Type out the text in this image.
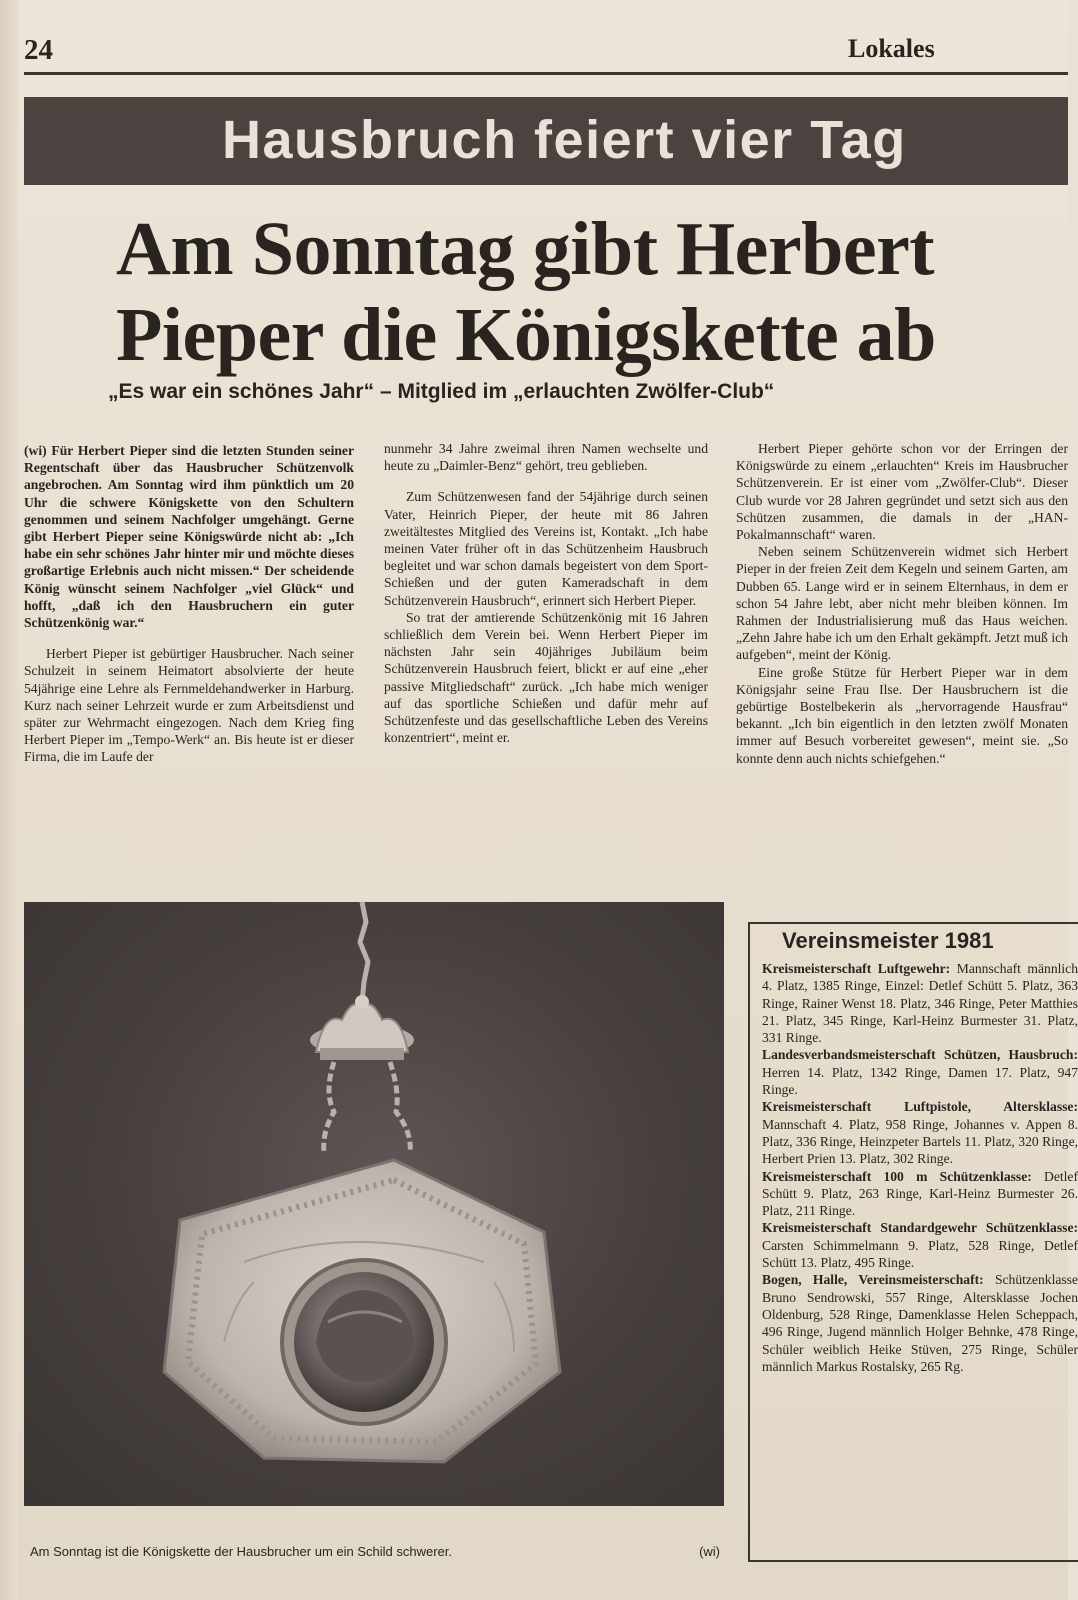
24	Lokales
Hausbruch feiert vier Tag
Am Sonntag gibt Herbert
Pieper die Königskette ab
„Es war ein schönes Jahr“ – Mitglied im „erlauchten Zwölfer-Club“

(wi) Für Herbert Pieper sind die letzten Stunden seiner Regentschaft über das Hausbrucher Schützenvolk angebrochen. Am Sonntag wird ihm pünktlich um 20 Uhr die schwere Königskette von den Schultern genommen und seinem Nachfolger umgehängt. Gerne gibt Herbert Pieper seine Königswürde nicht ab: „Ich habe ein sehr schönes Jahr hinter mir und möchte dieses großartige Erlebnis auch nicht missen.“ Der scheidende König wünscht seinem Nachfolger „viel Glück“ und hofft, „daß ich den Hausbruchern ein guter Schützenkönig war.“

Herbert Pieper ist gebürtiger Hausbrucher. Nach seiner Schulzeit in seinem Heimatort absolvierte der heute 54jährige eine Lehre als Fernmeldehandwerker in Harburg. Kurz nach seiner Lehrzeit wurde er zum Arbeitsdienst und später zur Wehrmacht eingezogen. Nach dem Krieg fing Herbert Pieper im „Tempo-Werk“ an. Bis heute ist er dieser Firma, die im Laufe der

nunmehr 34 Jahre zweimal ihren Namen wechselte und heute zu „Daimler-Benz“ gehört, treu geblieben.

Zum Schützenwesen fand der 54jährige durch seinen Vater, Heinrich Pieper, der heute mit 86 Jahren zweitältestes Mitglied des Vereins ist, Kontakt. „Ich habe meinen Vater früher oft in das Schützenheim Hausbruch begleitet und war schon damals begeistert von dem Sport-Schießen und der guten Kameradschaft in dem Schützenverein Hausbruch“, erinnert sich Herbert Pieper.

So trat der amtierende Schützenkönig mit 16 Jahren schließlich dem Verein bei. Wenn Herbert Pieper im nächsten Jahr sein 40jähriges Jubiläum beim Schützenverein Hausbruch feiert, blickt er auf eine „eher passive Mitgliedschaft“ zurück. „Ich habe mich weniger auf das sportliche Schießen und dafür mehr auf Schützenfeste und das gesellschaftliche Leben des Vereins konzentriert“, meint er.

Herbert Pieper gehörte schon vor der Erringen der Königswürde zu einem „erlauchten“ Kreis im Hausbrucher Schützenverein. Er ist einer vom „Zwölfer-Club“. Dieser Club wurde vor 28 Jahren gegründet und setzt sich aus den Schützen zusammen, die damals in der „HAN-Pokalmannschaft“ waren.

Neben seinem Schützenverein widmet sich Herbert Pieper in der freien Zeit dem Kegeln und seinem Garten, am Dubben 65. Lange wird er in seinem Elternhaus, in dem er schon 54 Jahre lebt, aber nicht mehr bleiben können. Im Rahmen der Industrialisierung muß das Haus weichen. „Zehn Jahre habe ich um den Erhalt gekämpft. Jetzt muß ich aufgeben“, meint der König.

Eine große Stütze für Herbert Pieper war in dem Königsjahr seine Frau Ilse. Der Hausbruchern ist die gebürtige Bostelbekerin als „hervorragende Hausfrau“ bekannt. „Ich bin eigentlich in den letzten zwölf Monaten immer auf Besuch vorbereitet gewesen“, meint sie. „So konnte denn auch nichts schiefgehen.“

Am Sonntag ist die Königskette der Hausbrucher um ein Schild schwerer.	(wi)
Vereinsmeister 1981

Kreismeisterschaft Luftgewehr: Mannschaft männlich 4. Platz, 1385 Ringe, Einzel: Detlef Schütt 5. Platz, 363 Ringe, Rainer Wenst 18. Platz, 346 Ringe, Peter Matthies 21. Platz, 345 Ringe, Karl-Heinz Burmester 31. Platz, 331 Ringe.

Landesverbandsmeisterschaft Schützen, Hausbruch: Herren 14. Platz, 1342 Ringe, Damen 17. Platz, 947 Ringe.

Kreismeisterschaft Luftpistole, Altersklasse: Mannschaft 4. Platz, 958 Ringe, Johannes v. Appen 8. Platz, 336 Ringe, Heinzpeter Bartels 11. Platz, 320 Ringe, Herbert Prien 13. Platz, 302 Ringe.

Kreismeisterschaft 100 m Schützenklasse: Detlef Schütt 9. Platz, 263 Ringe, Karl-Heinz Burmester 26. Platz, 211 Ringe.

Kreismeisterschaft Standardgewehr Schützenklasse: Carsten Schimmelmann 9. Platz, 528 Ringe, Detlef Schütt 13. Platz, 495 Ringe.

Bogen, Halle, Vereinsmeisterschaft: Schützenklasse Bruno Sendrowski, 557 Ringe, Altersklasse Jochen Oldenburg, 528 Ringe, Damenklasse Helen Scheppach, 496 Ringe, Jugend männlich Holger Behnke, 478 Ringe, Schüler weiblich Heike Stüven, 275 Ringe, Schüler männlich Markus Rostalsky, 265 Rg.
